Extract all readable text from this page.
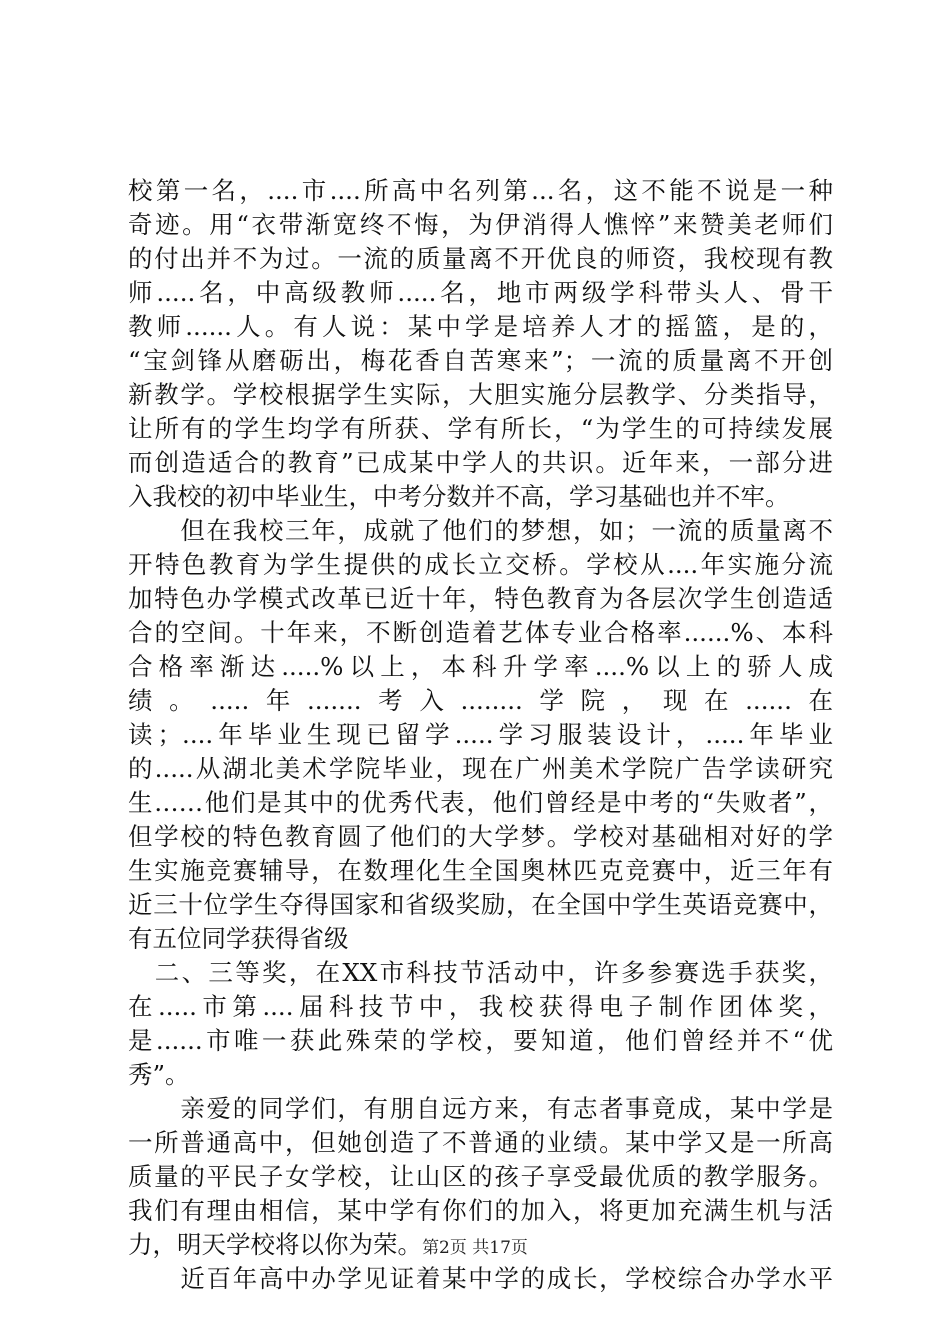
校第一名，....市....所高中名列第...名，这不能不说是一种
奇迹。用“衣带渐宽终不悔，为伊消得人憔悴”来赞美老师们
的付出并不为过。一流的质量离不开优良的师资，我校现有教
师.....名，中高级教师.....名，地市两级学科带头人、骨干
教师......人。有人说：某中学是培养人才的摇篮，是的，
“宝剑锋从磨砺出，梅花香自苦寒来”；一流的质量离不开创
新教学。学校根据学生实际，大胆实施分层教学、分类指导，
让所有的学生均学有所获、学有所长，“为学生的可持续发展
而创造适合的教育”已成某中学人的共识。近年来，一部分进
入我校的初中毕业生，中考分数并不高，学习基础也并不牢。
　　但在我校三年，成就了他们的梦想，如；一流的质量离不
开特色教育为学生提供的成长立交桥。学校从....年实施分流
加特色办学模式改革已近十年，特色教育为各层次学生创造适
合的空间。十年来，不断创造着艺体专业合格率......%、本科
合格率渐达.....%以上，本科升学率....%以上的骄人成
绩。.....年.......考入........学院，现在......在
读；....年毕业生现已留学.....学习服装设计，.....年毕业
的.....从湖北美术学院毕业，现在广州美术学院广告学读研究
生……他们是其中的优秀代表，他们曾经是中考的“失败者”，
但学校的特色教育圆了他们的大学梦。学校对基础相对好的学
生实施竞赛辅导，在数理化生全国奥林匹克竞赛中，近三年有
近三十位学生夺得国家和省级奖励，在全国中学生英语竞赛中，
有五位同学获得省级
　二、三等奖，在XX市科技节活动中，许多参赛选手获奖，
在.....市第....届科技节中，我校获得电子制作团体奖，
是......市唯一获此殊荣的学校，要知道，他们曾经并不“优
秀”。
　　亲爱的同学们，有朋自远方来，有志者事竟成，某中学是
一所普通高中，但她创造了不普通的业绩。某中学又是一所高
质量的平民子女学校，让山区的孩子享受最优质的教学服务。
我们有理由相信，某中学有你们的加入，将更加充满生机与活
力，明天学校将以你为荣。
　　近百年高中办学见证着某中学的成长，学校综合办学水平
第2页 共17页
